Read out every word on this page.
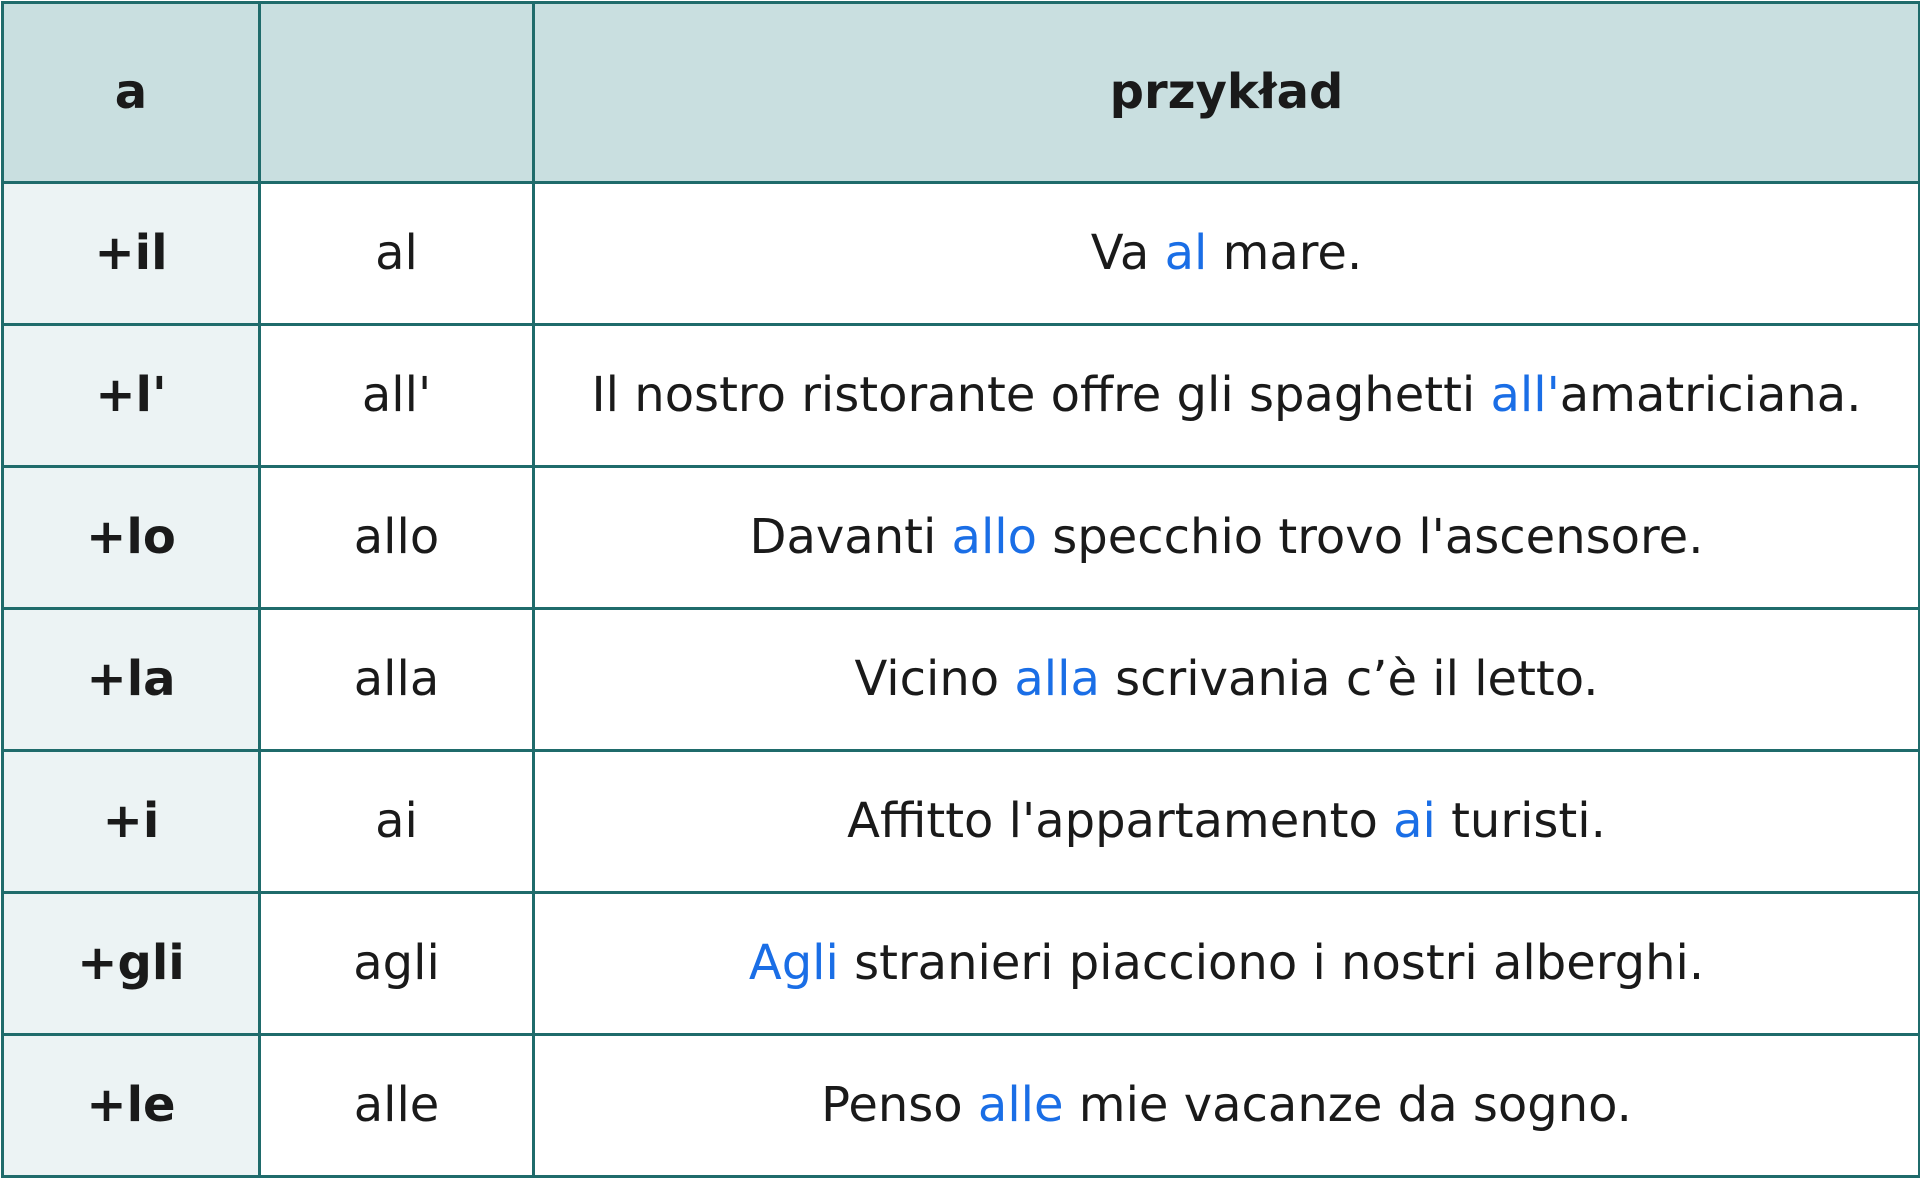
a		przykład
+il	al	Va al mare.
+l'	all'	Il nostro ristorante offre gli spaghetti all'amatriciana.
+lo	allo	Davanti allo specchio trovo l'ascensore.
+la	alla	Vicino alla scrivania c’è il letto.
+i	ai	Affitto l'appartamento ai turisti.
+gli	agli	Agli stranieri piacciono i nostri alberghi.
+le	alle	Penso alle mie vacanze da sogno.
